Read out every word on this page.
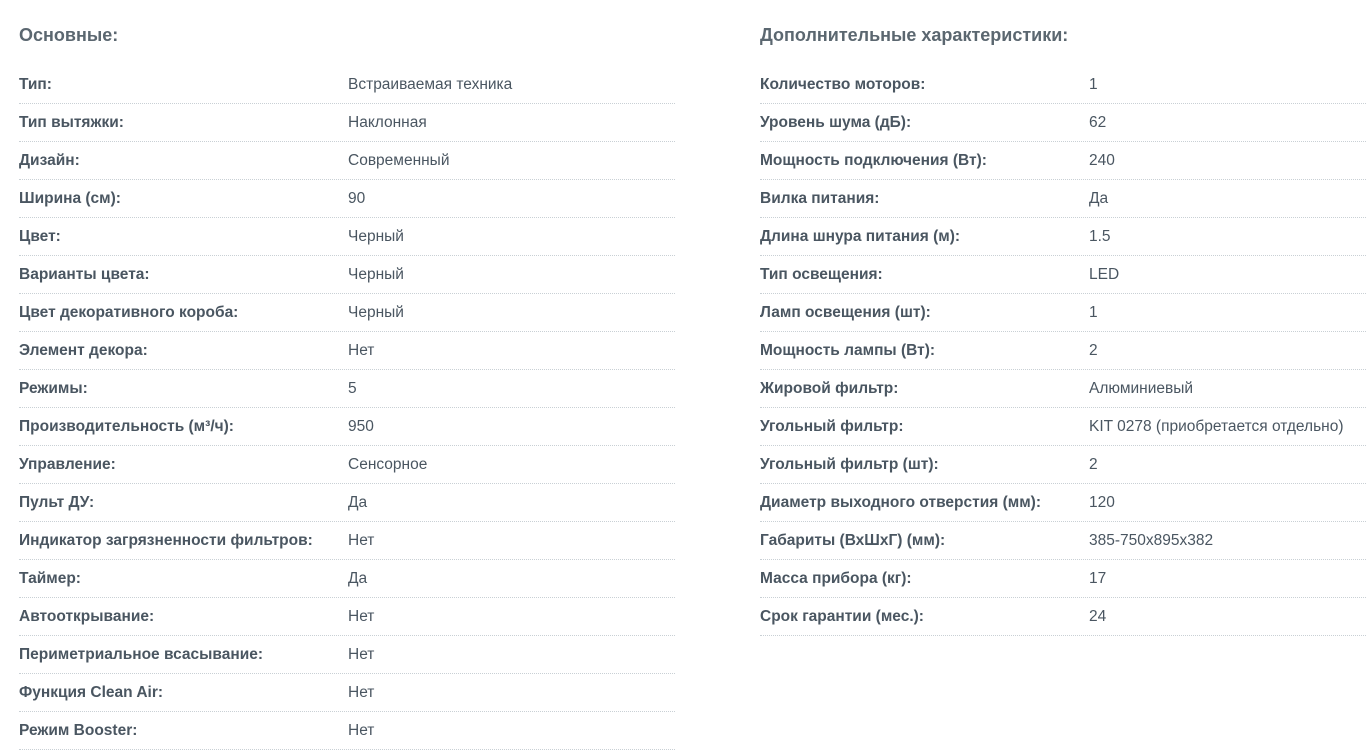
Основные:
Тип:	Встраиваемая техника
Тип вытяжки:	Наклонная
Дизайн:	Современный
Ширина (см):	90
Цвет:	Черный
Варианты цвета:	Черный
Цвет декоративного короба:	Черный
Элемент декора:	Нет
Режимы:	5
Производительность (м³/ч):	950
Управление:	Сенсорное
Пульт ДУ:	Да
Индикатор загрязненности фильтров:	Нет
Таймер:	Да
Автооткрывание:	Нет
Периметриальное всасывание:	Нет
Функция Clean Air:	Нет
Режим Booster:	Нет
Дополнительные характеристики:
Количество моторов:	1
Уровень шума (дБ):	62
Мощность подключения (Вт):	240
Вилка питания:	Да
Длина шнура питания (м):	1.5
Тип освещения:	LED
Ламп освещения (шт):	1
Мощность лампы (Вт):	2
Жировой фильтр:	Алюминиевый
Угольный фильтр:	KIT 0278 (приобретается отдельно)
Угольный фильтр (шт):	2
Диаметр выходного отверстия (мм):	120
Габариты (ВхШхГ) (мм):	385-750x895x382
Масса прибора (кг):	17
Срок гарантии (мес.):	24
